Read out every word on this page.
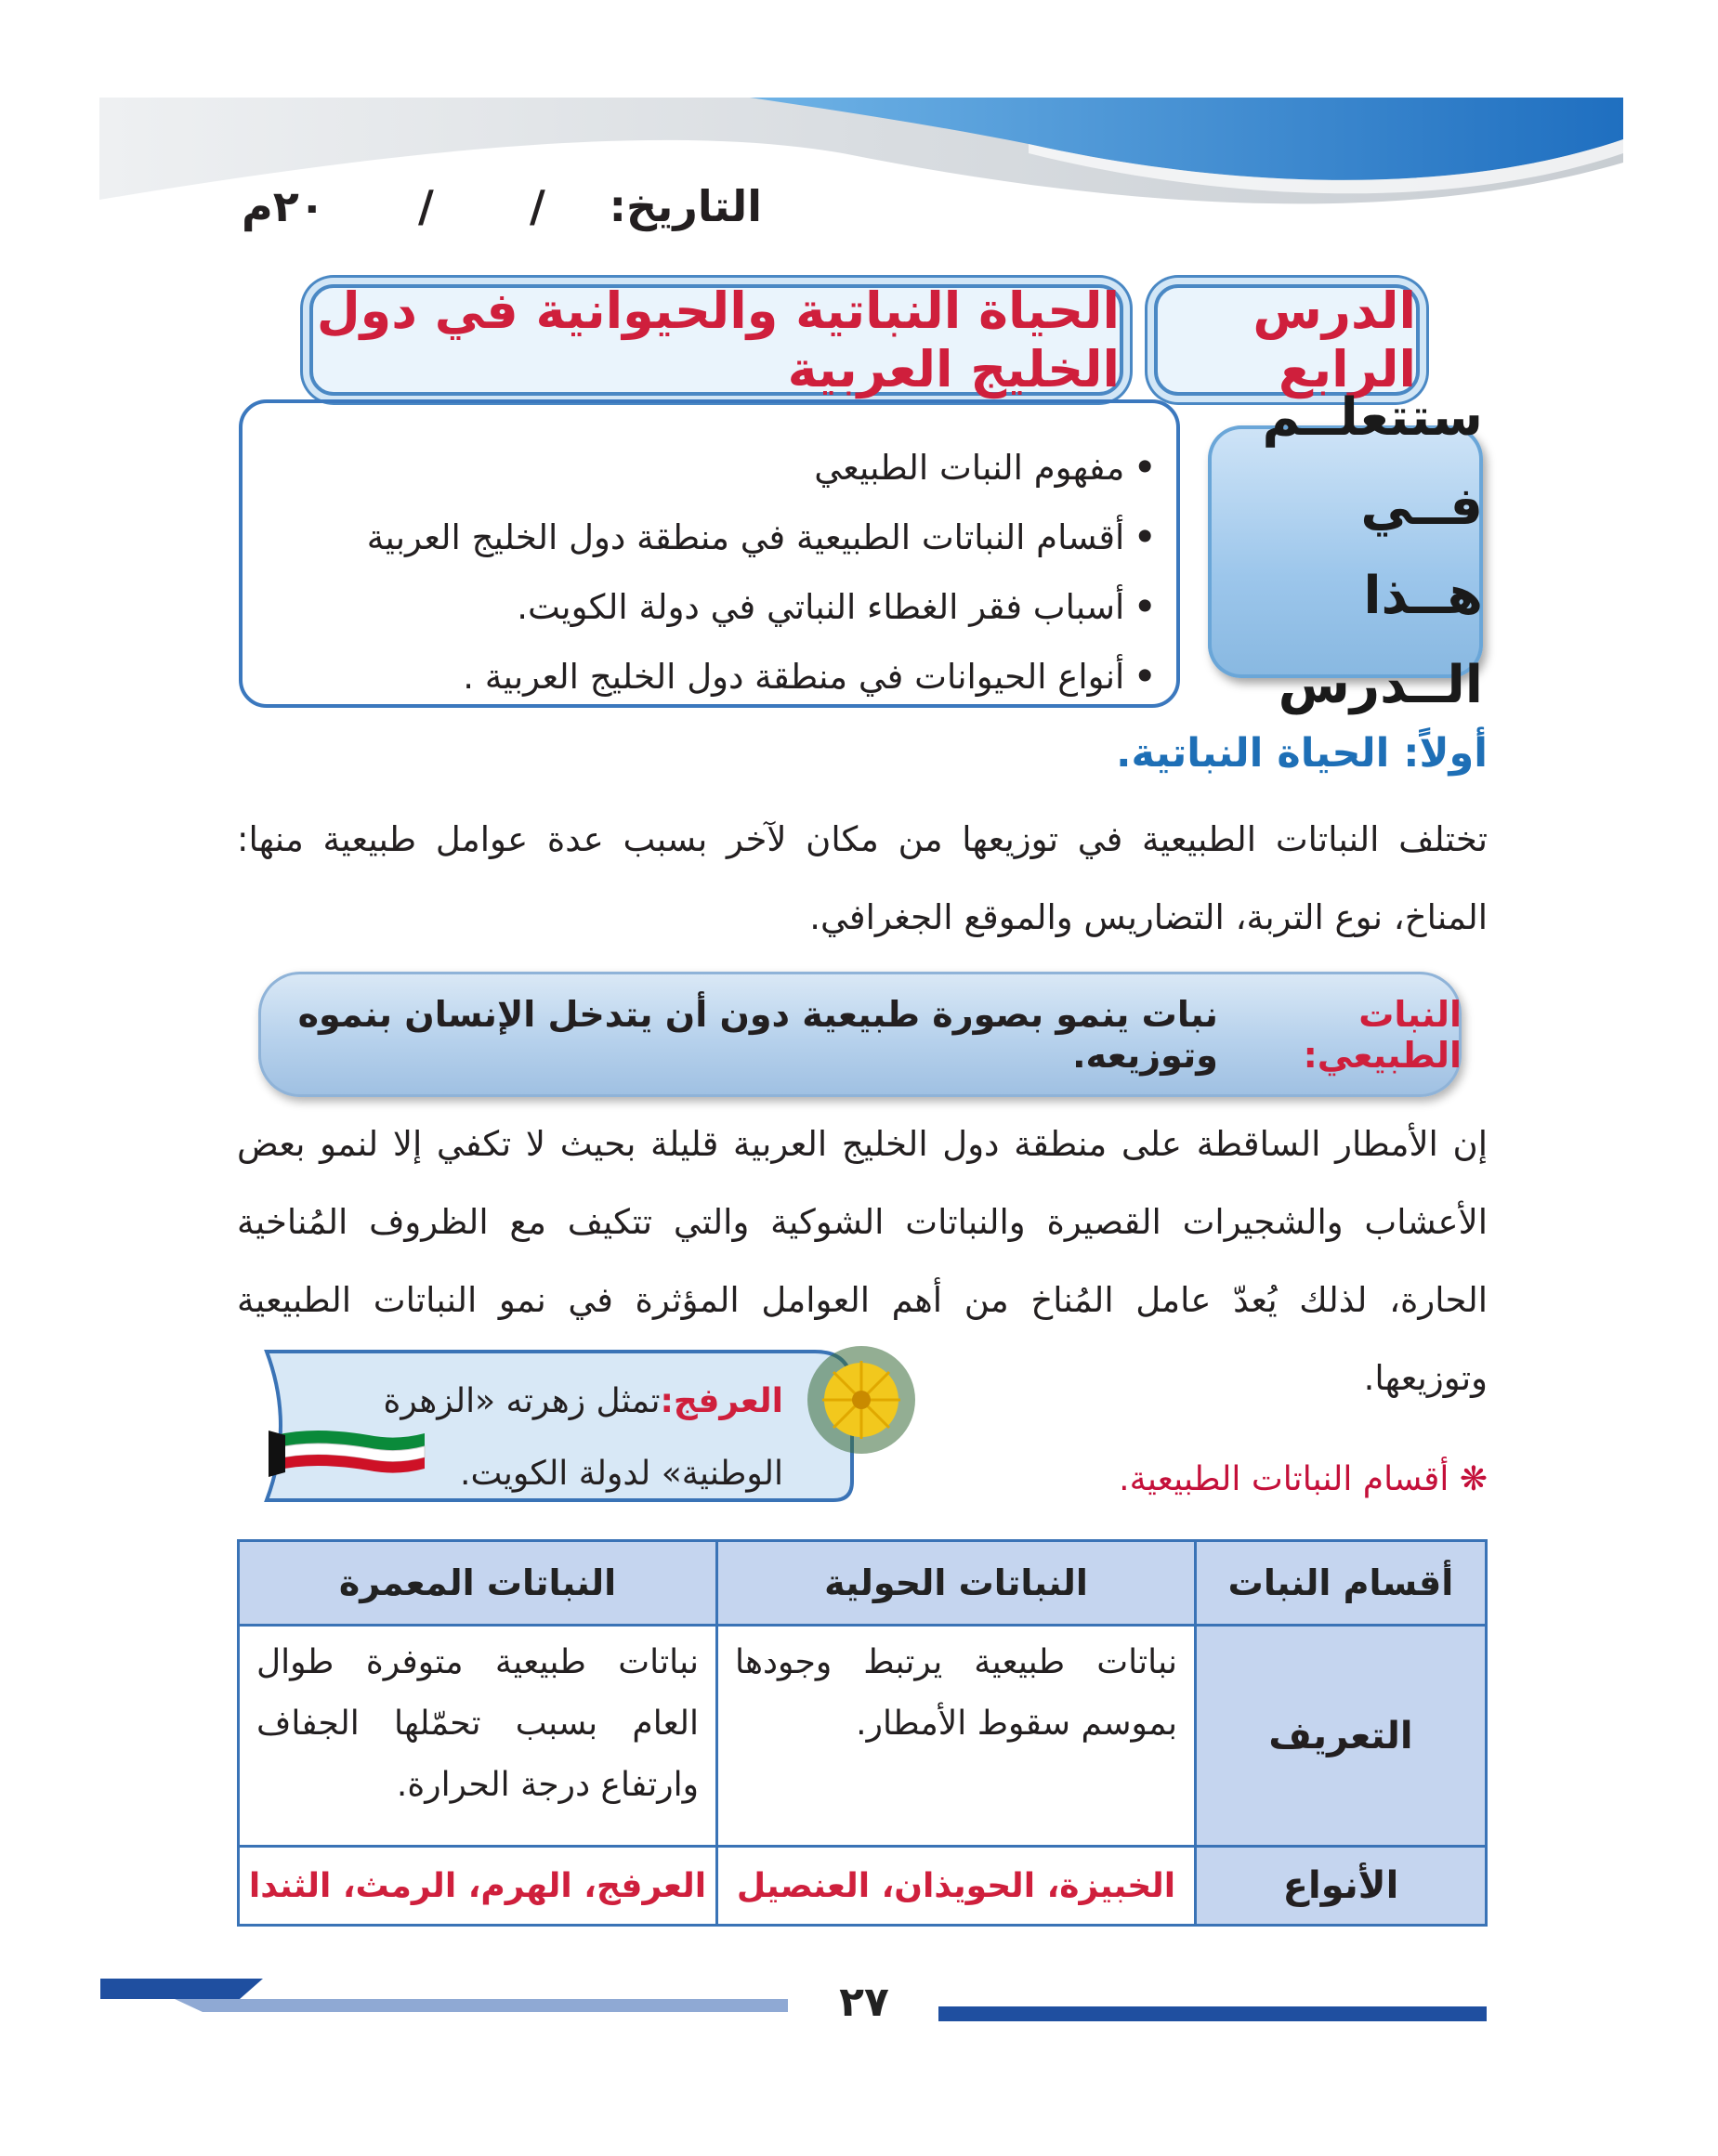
التاريخ:
/
/
٢٠م
الدرس الرابع
الحياة النباتية والحيوانية في دول الخليج العربية
ستتعلــم فــي
هــذا الــدرس
• مفهوم النبات الطبيعي
• أقسام النباتات الطبيعية في منطقة دول الخليج العربية
• أسباب فقر الغطاء النباتي في دولة الكويت.
• أنواع الحيوانات في منطقة دول الخليج العربية .
أولاً: الحياة النباتية.
تختلف النباتات الطبيعية في توزيعها من مكان لآخر بسبب عدة عوامل طبيعية منها: المناخ، نوع التربة، التضاريس والموقع الجغرافي.
النبات الطبيعي:
نبات ينمو بصورة طبيعية دون أن يتدخل الإنسان بنموه وتوزيعه.
إن الأمطار الساقطة على منطقة دول الخليج العربية قليلة بحيث لا تكفي إلا لنمو بعض الأعشاب والشجيرات القصيرة والنباتات الشوكية والتي تتكيف مع الظروف المُناخية الحارة، لذلك يُعدّ عامل المُناخ من أهم العوامل المؤثرة في نمو النباتات الطبيعية وتوزيعها.
العرفج:تمثل زهرته «الزهرة الوطنية» لدولة الكويت.	❋ أقسام النباتات الطبيعية.
أقسام النبات	النباتات الحولية	النباتات المعمرة
التعريف	نباتات طبيعية يرتبط وجودها بموسم سقوط الأمطار.	نباتات طبيعية متوفرة طوال العام بسبب تحمّلها الجفاف وارتفاع درجة الحرارة.
الأنواع	الخبيزة، الحويذان، العنصيل	العرفج، الهرم، الرمث، الثندا
٢٧
